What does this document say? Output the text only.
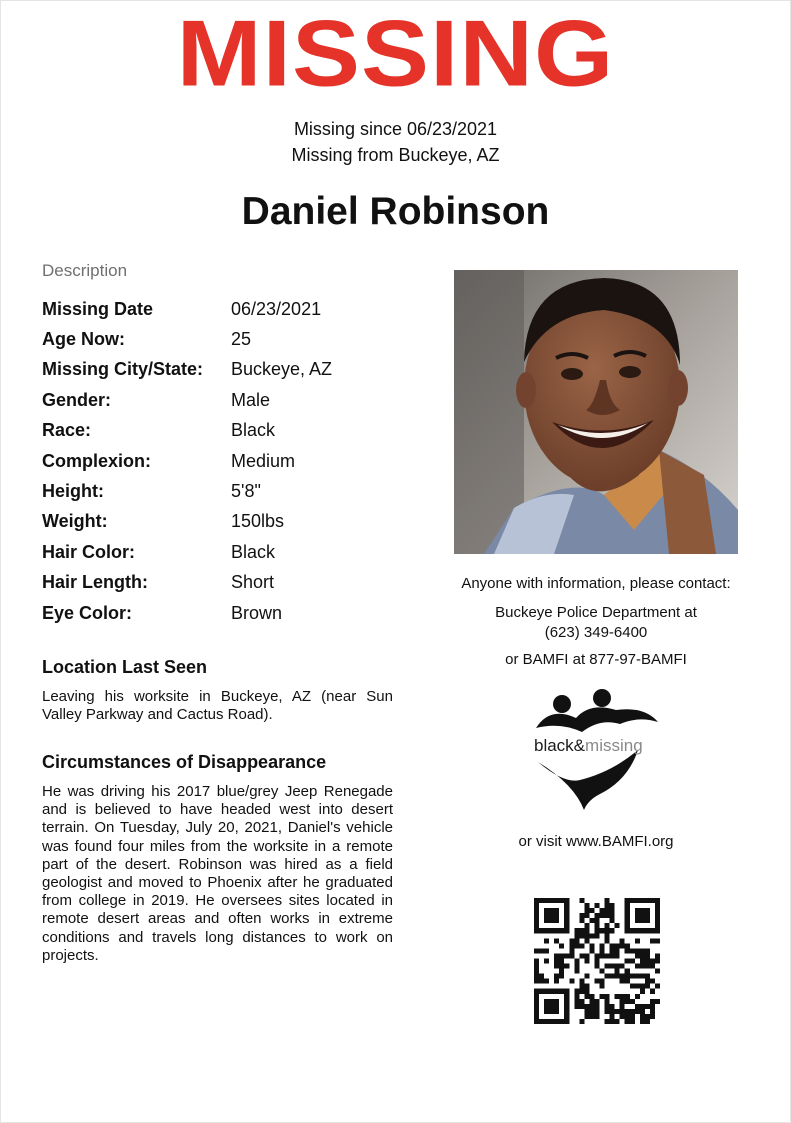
MISSING
Missing since 06/23/2021
Missing from Buckeye, AZ
Daniel Robinson
Description
Missing Date	06/23/2021
Age Now:	25
Missing City/State:	Buckeye, AZ
Gender:	Male
Race:	Black
Complexion:	Medium
Height:	5'8"
Weight:	150lbs
Hair Color:	Black
Hair Length:	Short
Eye Color:	Brown
Location Last Seen
Leaving his worksite in Buckeye, AZ (near Sun Valley Parkway and Cactus Road).
Circumstances of Disappearance
He was driving his 2017 blue/grey Jeep Renegade and is believed to have headed west into desert terrain. On Tuesday, July 20, 2021, Daniel's vehicle was found four miles from the worksite in a remote part of the desert. Robinson was hired as a field geologist and moved to Phoenix after he graduated from college in 2019. He oversees sites located in remote desert areas and often works in extreme conditions and travels long distances to work on projects.
Anyone with information, please contact:
Buckeye Police Department at
(623) 349-6400
or BAMFI at 877-97-BAMFI
black&missing
or visit www.BAMFI.org
